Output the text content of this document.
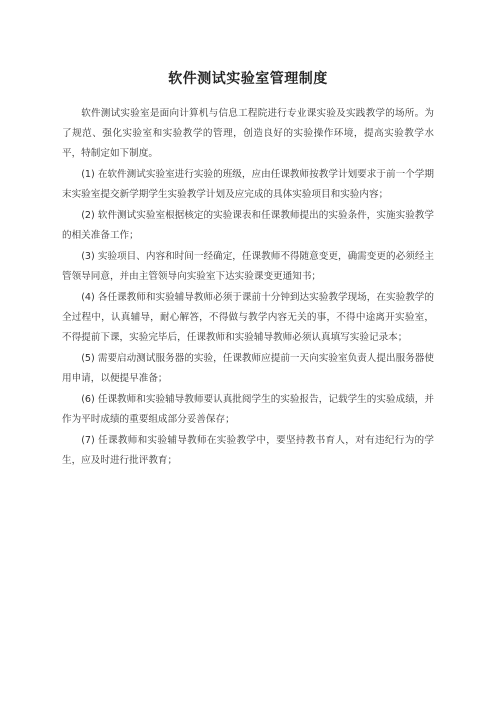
软件测试实验室管理制度

软件测试实验室是面向计算机与信息工程院进行专业课实验及实践教学的场所。为了规范、强化实验室和实验教学的管理，创造良好的实验操作环境，提高实验教学水平，特制定如下制度。

(1) 在软件测试实验室进行实验的班级，应由任课教师按教学计划要求于前一个学期末实验室提交新学期学生实验教学计划及应完成的具体实验项目和实验内容；

(2) 软件测试实验室根据核定的实验课表和任课教师提出的实验条件，实施实验教学的相关准备工作；

(3) 实验项目、内容和时间一经确定，任课教师不得随意变更，确需变更的必须经主管领导同意，并由主管领导向实验室下达实验课变更通知书；

(4) 各任课教师和实验辅导教师必须于课前十分钟到达实验教学现场，在实验教学的全过程中，认真辅导，耐心解答，不得做与教学内容无关的事，不得中途离开实验室，不得提前下课，实验完毕后，任课教师和实验辅导教师必须认真填写实验记录本；

(5) 需要启动测试服务器的实验，任课教师应提前一天向实验室负责人提出服务器使用申请，以便提早准备；

(6) 任课教师和实验辅导教师要认真批阅学生的实验报告，记载学生的实验成绩，并作为平时成绩的重要组成部分妥善保存；

(7) 任课教师和实验辅导教师在实验教学中，要坚持教书育人，对有违纪行为的学生，应及时进行批评教育；
